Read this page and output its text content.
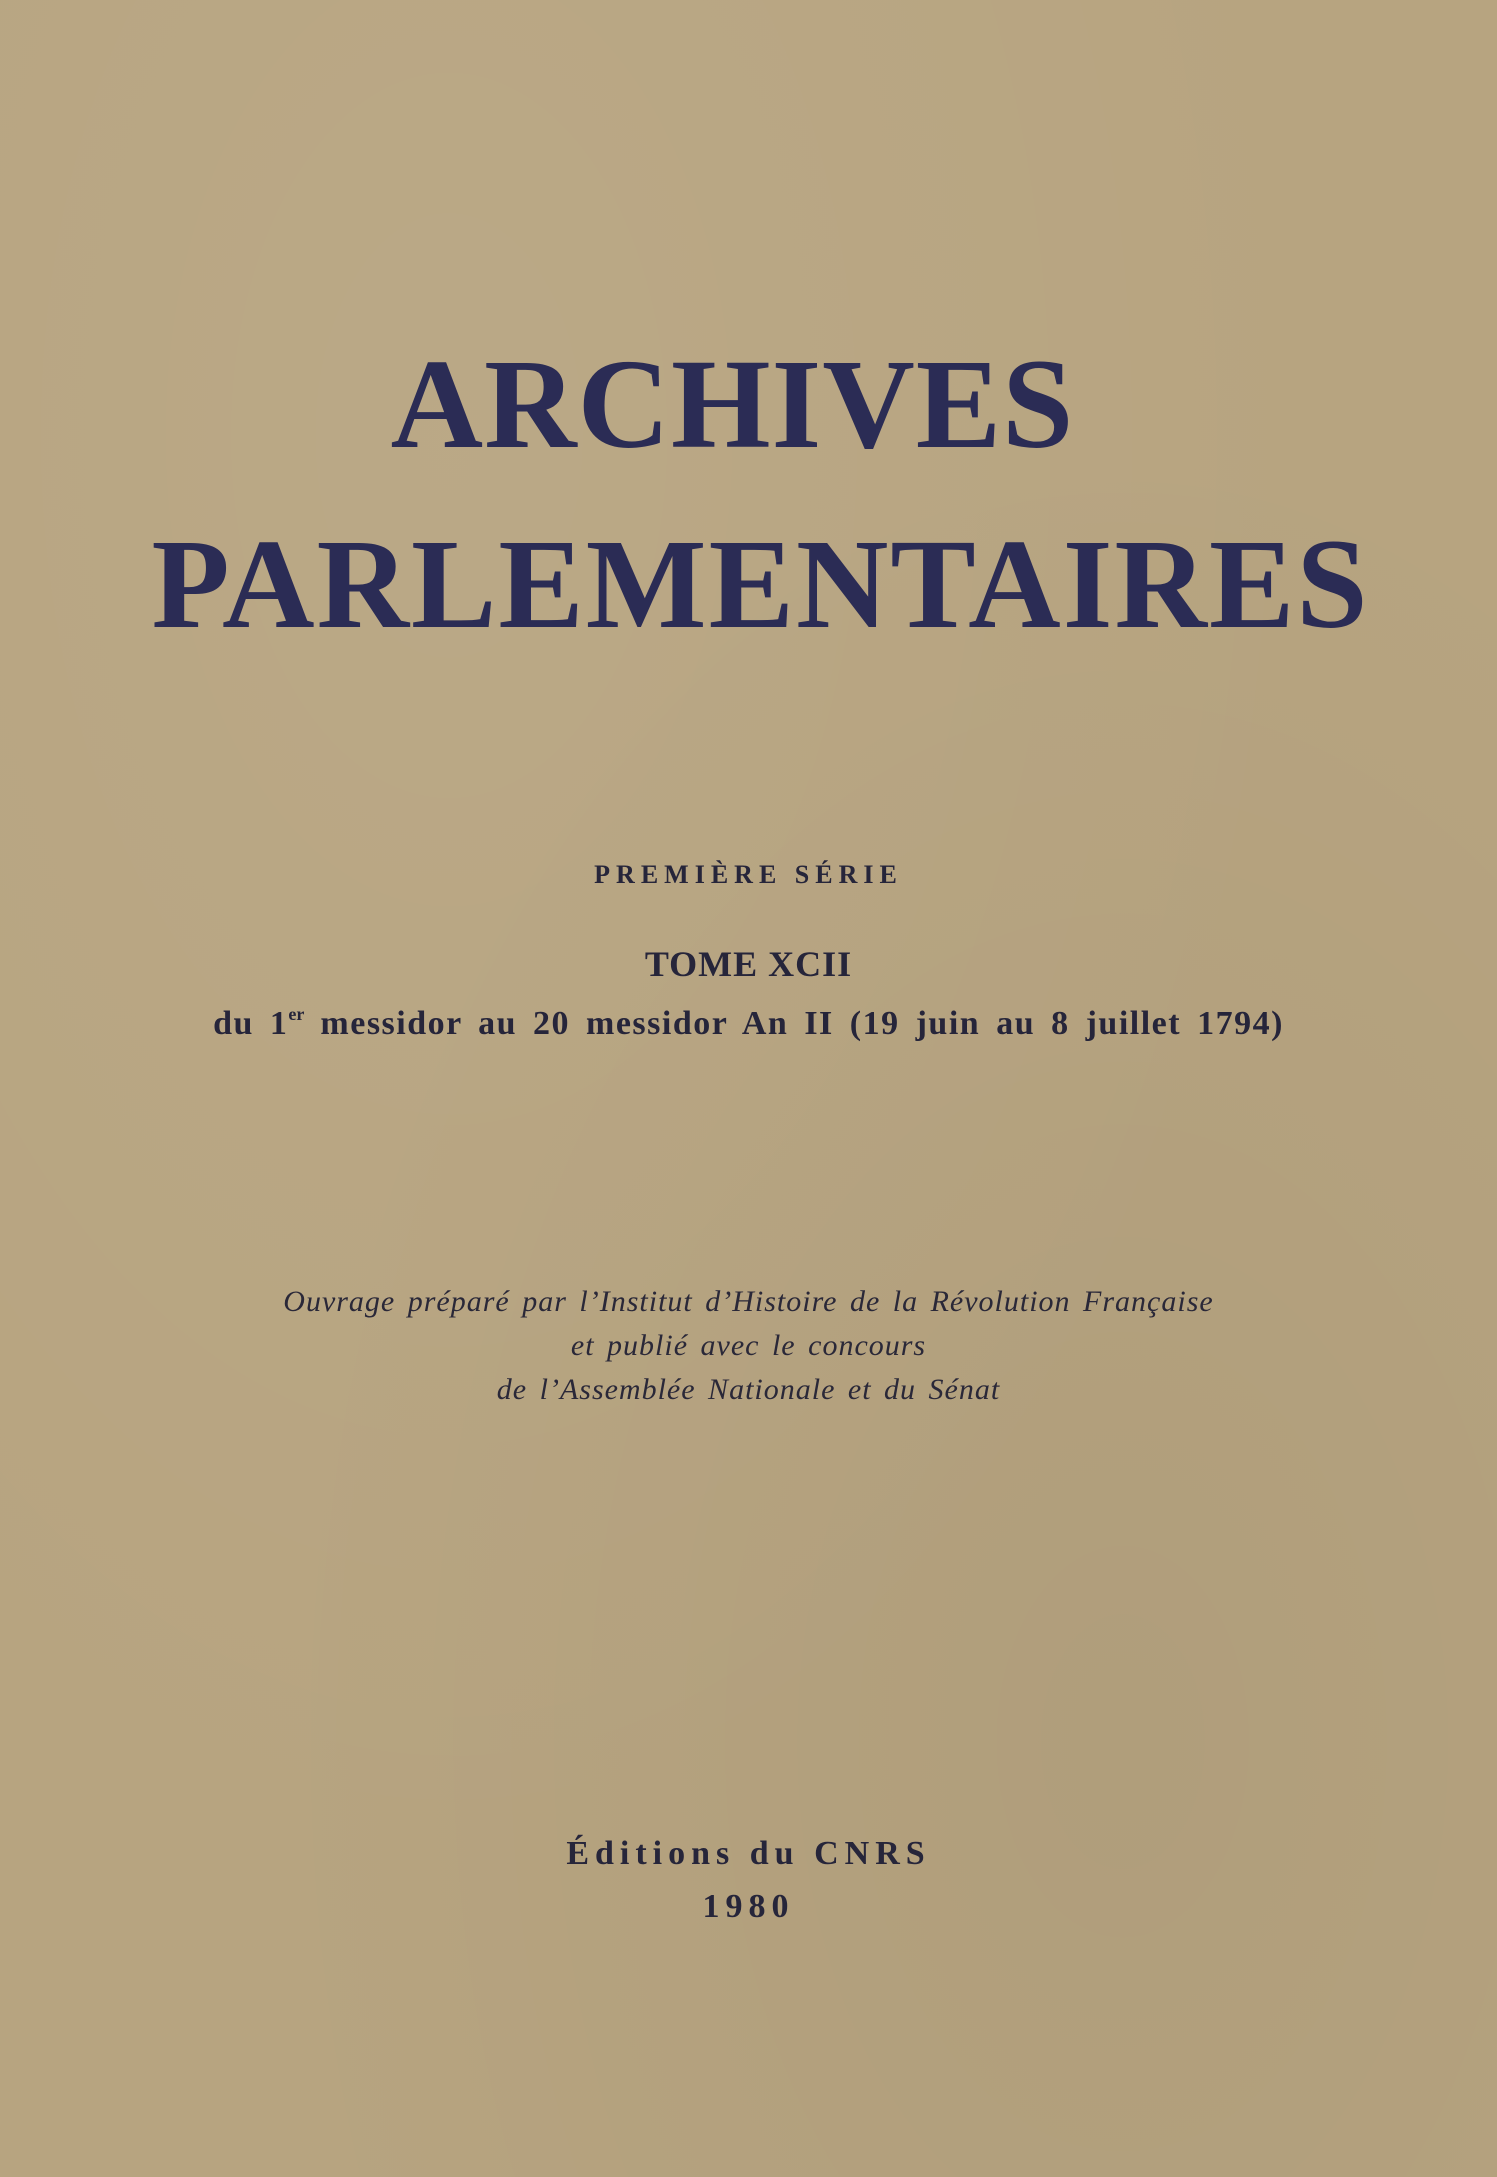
ARCHIVES
PARLEMENTAIRES
PREMIÈRE SÉRIE
TOME XCII
du 1er messidor au 20 messidor An II (19 juin au 8 juillet 1794)
Ouvrage préparé par l’Institut d’Histoire de la Révolution Française
et publié avec le concours
de l’Assemblée Nationale et du Sénat
Éditions du CNRS
1980
